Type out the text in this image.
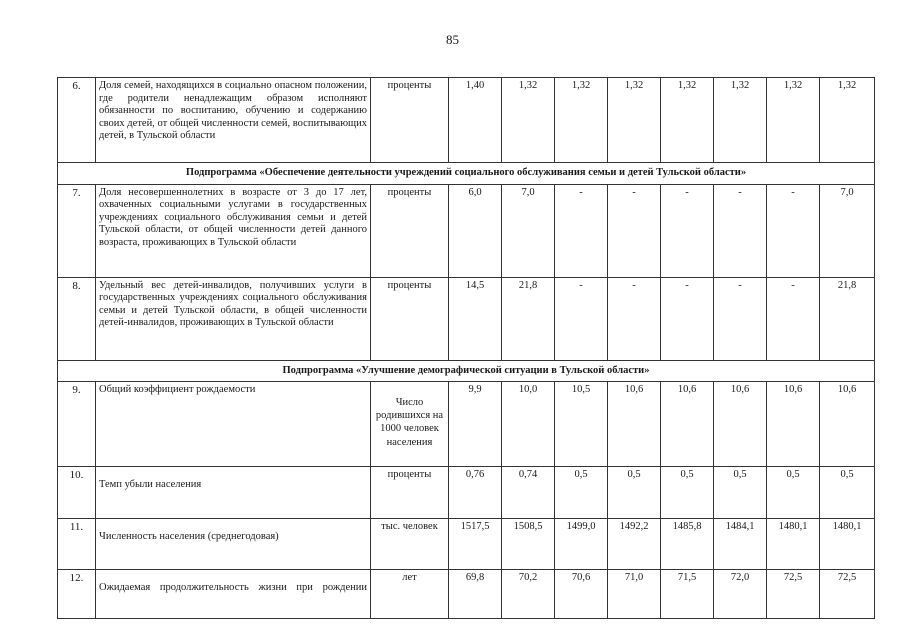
85
6.	Доля семей, находящихся в социально опасном положении, где родители ненадлежащим образом исполняют обязанности по воспитанию, обучению и содержанию своих детей, от общей численности семей, воспитывающих детей, в Тульской области	проценты	1,40	1,32	1,32	1,32	1,32	1,32	1,32	1,32
Подпрограмма «Обеспечение деятельности учреждений социального обслуживания семьи и детей Тульской области»										
7.	Доля несовершеннолетних в возрасте от 3 до 17 лет, охваченных социальными услугами в государственных учреждениях социального обслуживания семьи и детей Тульской области, от общей численности детей данного возраста, проживающих в Тульской области	проценты	6,0	7,0	-	-	-	-	-	7,0
8.	Удельный вес детей-инвалидов, получивших услуги в государственных учреждениях социального обслуживания семьи и детей Тульской области, в общей численности детей-инвалидов, проживающих в Тульской области	проценты	14,5	21,8	-	-	-	-	-	21,8
Подпрограмма «Улучшение демографической ситуации в Тульской области»										
9.	Общий коэффициент рождаемости	Число родившихся на 1000 человек населения	9,9	10,0	10,5	10,6	10,6	10,6	10,6	10,6
10.	Темп убыли населения	проценты	0,76	0,74	0,5	0,5	0,5	0,5	0,5	0,5
11.	Численность населения (среднегодовая)	тыс. человек	1517,5	1508,5	1499,0	1492,2	1485,8	1484,1	1480,1	1480,1
12.	Ожидаемая продолжительность жизни при рождении	лет	69,8	70,2	70,6	71,0	71,5	72,0	72,5	72,5
